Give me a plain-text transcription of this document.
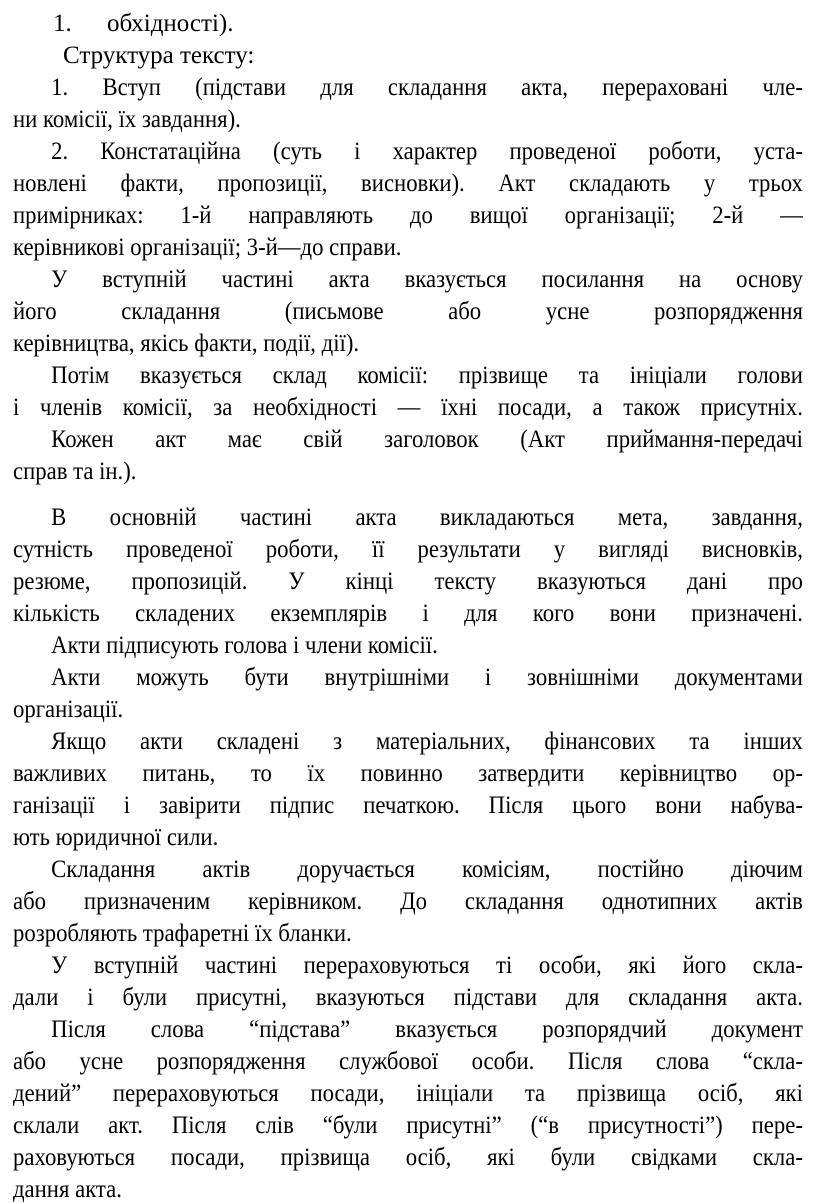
1. обхідності).
Структура тексту:
1. Вступ (підстави для складання акта, перераховані чле-
ни комісії, їх завдання).
2. Констатаційна (суть і характер проведеної роботи, уста-
новлені факти, пропозиції, висновки). Акт складають у трьох
примірниках: 1-й направляють до вищої організації; 2-й —
керівникові організації; 3-й—до справи.
У вступній частині акта вказується посилання на основу
його складання (письмове або усне розпорядження
керівництва, якісь факти, події, дії).
Потім вказується склад комісії: прізвище та ініціали голови
і членів комісії, за необхідності — їхні посади, а також присутніх.
Кожен акт має свій заголовок (Акт приймання-передачі
справ та ін.).
В основній частині акта викладаються мета, завдання,
сутність проведеної роботи, її результати у вигляді висновків,
резюме, пропозицій. У кінці тексту вказуються дані про
кількість складених екземплярів і для кого вони призначені.
Акти підписують голова і члени комісії.
Акти можуть бути внутрішніми і зовнішніми документами
організації.
Якщо акти складені з матеріальних, фінансових та інших
важливих питань, то їх повинно затвердити керівництво ор-
ганізації і завірити підпис печаткою. Після цього вони набува-
ють юридичної сили.
Складання актів доручається комісіям, постійно діючим
або призначеним керівником. До складання однотипних актів
розробляють трафаретні їх бланки.
У вступній частині перераховуються ті особи, які його скла-
дали і були присутні, вказуються підстави для складання акта.
Після слова “підстава” вказується розпорядчий документ
або усне розпорядження службової особи. Після слова “скла-
дений” перераховуються посади, ініціали та прізвища осіб, які
склали акт. Після слів “були присутні” (“в присутності”) пере-
раховуються посади, прізвища осіб, які були свідками скла-
дання акта.
